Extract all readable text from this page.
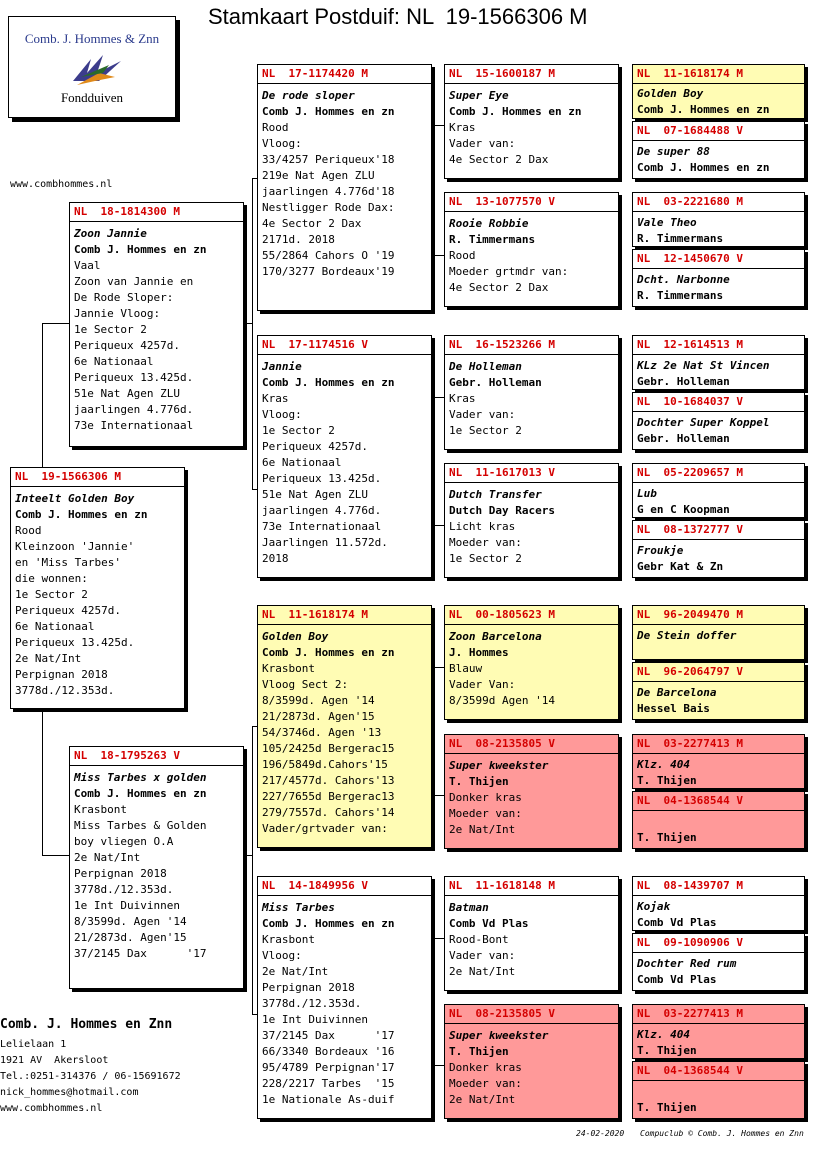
Stamkaart Postduif: NL  19-1566306 M
Comb. J. Hommes & Znn
Fondduiven
www.combhommes.nl
NL  19-1566306 M
Inteelt Golden Boy
Comb J. Hommes en zn
Rood
Kleinzoon 'Jannie'
en 'Miss Tarbes'
die wonnen:
1e Sector 2
Periqueux 4257d.
6e Nationaal
Periqueux 13.425d.
2e Nat/Int
Perpignan 2018
3778d./12.353d.
NL  18-1814300 M
Zoon Jannie
Comb J. Hommes en zn
Vaal
Zoon van Jannie en
De Rode Sloper:
Jannie Vloog:
1e Sector 2
Periqueux 4257d.
6e Nationaal
Periqueux 13.425d.
51e Nat Agen ZLU
jaarlingen 4.776d.
73e Internationaal
NL  18-1795263 V
Miss Tarbes x golden
Comb J. Hommes en zn
Krasbont
Miss Tarbes & Golden
boy vliegen O.A
2e Nat/Int
Perpignan 2018
3778d./12.353d.
1e Int Duivinnen
8/3599d. Agen '14
21/2873d. Agen'15
37/2145 Dax      '17
NL  17-1174420 M
De rode sloper
Comb J. Hommes en zn
Rood
Vloog:
33/4257 Periqueux'18
219e Nat Agen ZLU
jaarlingen 4.776d'18
Nestligger Rode Dax:
4e Sector 2 Dax
2171d. 2018
55/2864 Cahors O '19
170/3277 Bordeaux'19
NL  17-1174516 V
Jannie
Comb J. Hommes en zn
Kras
Vloog:
1e Sector 2
Periqueux 4257d.
6e Nationaal
Periqueux 13.425d.
51e Nat Agen ZLU
jaarlingen 4.776d.
73e Internationaal
Jaarlingen 11.572d.
2018
NL  11-1618174 M
Golden Boy
Comb J. Hommes en zn
Krasbont
Vloog Sect 2:
8/3599d. Agen '14
21/2873d. Agen'15
54/3746d. Agen '13
105/2425d Bergerac15
196/5849d.Cahors'15
217/4577d. Cahors'13
227/7655d Bergerac13
279/7557d. Cahors'14
Vader/grtvader van:
NL  14-1849956 V
Miss Tarbes
Comb J. Hommes en zn
Krasbont
Vloog:
2e Nat/Int
Perpignan 2018
3778d./12.353d.
1e Int Duivinnen
37/2145 Dax      '17
66/3340 Bordeaux '16
95/4789 Perpignan'17
228/2217 Tarbes  '15
1e Nationale As-duif
NL  15-1600187 M
Super Eye
Comb J. Hommes en zn
Kras
Vader van:
4e Sector 2 Dax
NL  13-1077570 V
Rooie Robbie
R. Timmermans
Rood
Moeder grtmdr van:
4e Sector 2 Dax
NL  16-1523266 M
De Holleman
Gebr. Holleman
Kras
Vader van:
1e Sector 2
NL  11-1617013 V
Dutch Transfer
Dutch Day Racers
Licht kras
Moeder van:
1e Sector 2
NL  00-1805623 M
Zoon Barcelona
J. Hommes
Blauw
Vader Van:
8/3599d Agen '14
NL  08-2135805 V
Super kweekster
T. Thijen
Donker kras
Moeder van:
2e Nat/Int
NL  11-1618148 M
Batman
Comb Vd Plas
Rood-Bont
Vader van:
2e Nat/Int
NL  08-2135805 V
Super kweekster
T. Thijen
Donker kras
Moeder van:
2e Nat/Int
NL  11-1618174 M
Golden Boy
Comb J. Hommes en zn
NL  07-1684488 V
De super 88
Comb J. Hommes en zn
NL  03-2221680 M
Vale Theo
R. Timmermans
NL  12-1450670 V
Dcht. Narbonne
R. Timmermans
NL  12-1614513 M
KLz 2e Nat St Vincen
Gebr. Holleman
NL  10-1684037 V
Dochter Super Koppel
Gebr. Holleman
NL  05-2209657 M
Lub
G en C Koopman
NL  08-1372777 V
Froukje
Gebr Kat & Zn
NL  96-2049470 M
De Stein doffer
NL  96-2064797 V
De Barcelona
Hessel Bais
NL  03-2277413 M
Klz. 404
T. Thijen
NL  04-1368544 V
T. Thijen
NL  08-1439707 M
Kojak
Comb Vd Plas
NL  09-1090906 V
Dochter Red rum
Comb Vd Plas
NL  03-2277413 M
Klz. 404
T. Thijen
NL  04-1368544 V
T. Thijen
Comb. J. Hommes en Znn
Lelielaan 1
1921 AV  Akersloot
Tel.:0251-314376 / 06-15691672
nick_hommes@hotmail.com
www.combhommes.nl
24-02-2020 Compuclub © Comb. J. Hommes en Znn
